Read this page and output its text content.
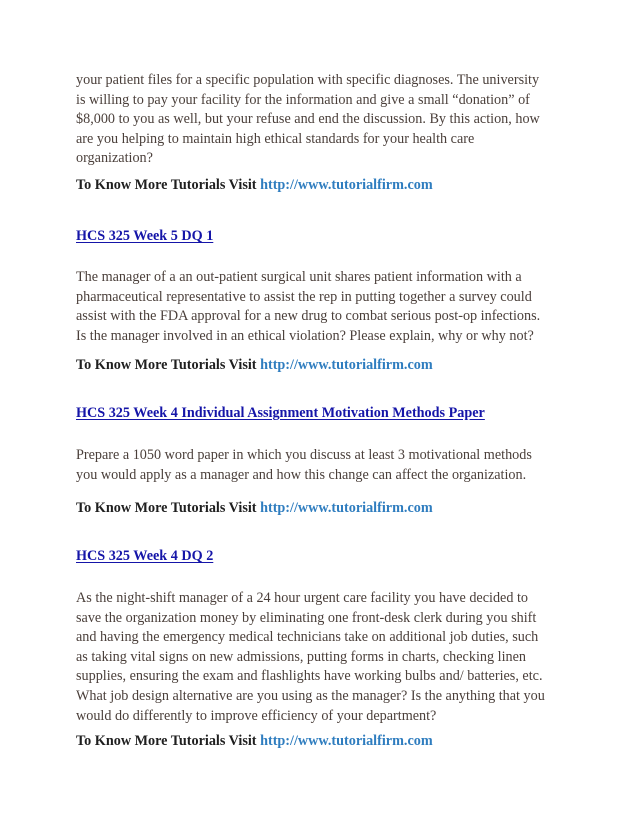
your patient files for a specific population with specific diagnoses. The university
is willing to pay your facility for the information and give a small “donation” of
$8,000 to you as well, but your refuse and end the discussion. By this action, how
are you helping to maintain high ethical standards for your health care
organization?
To Know More Tutorials Visit http://www.tutorialfirm.com
HCS 325 Week 5 DQ 1
The manager of a an out-patient surgical unit shares patient information with a
pharmaceutical representative to assist the rep in putting together a survey could
assist with the FDA approval for a new drug to combat serious post-op infections.
Is the manager involved in an ethical violation? Please explain, why or why not?
To Know More Tutorials Visit http://www.tutorialfirm.com
HCS 325 Week 4 Individual Assignment Motivation Methods Paper
Prepare a 1050 word paper in which you discuss at least 3 motivational methods
you would apply as a manager and how this change can affect the organization.
To Know More Tutorials Visit http://www.tutorialfirm.com
HCS 325 Week 4 DQ 2
As the night-shift manager of a 24 hour urgent care facility you have decided to
save the organization money by eliminating one front-desk clerk during you shift
and having the emergency medical technicians take on additional job duties, such
as taking vital signs on new admissions, putting forms in charts, checking linen
supplies, ensuring the exam and flashlights have working bulbs and/ batteries, etc.
What job design alternative are you using as the manager? Is the anything that you
would do differently to improve efficiency of your department?
To Know More Tutorials Visit http://www.tutorialfirm.com
